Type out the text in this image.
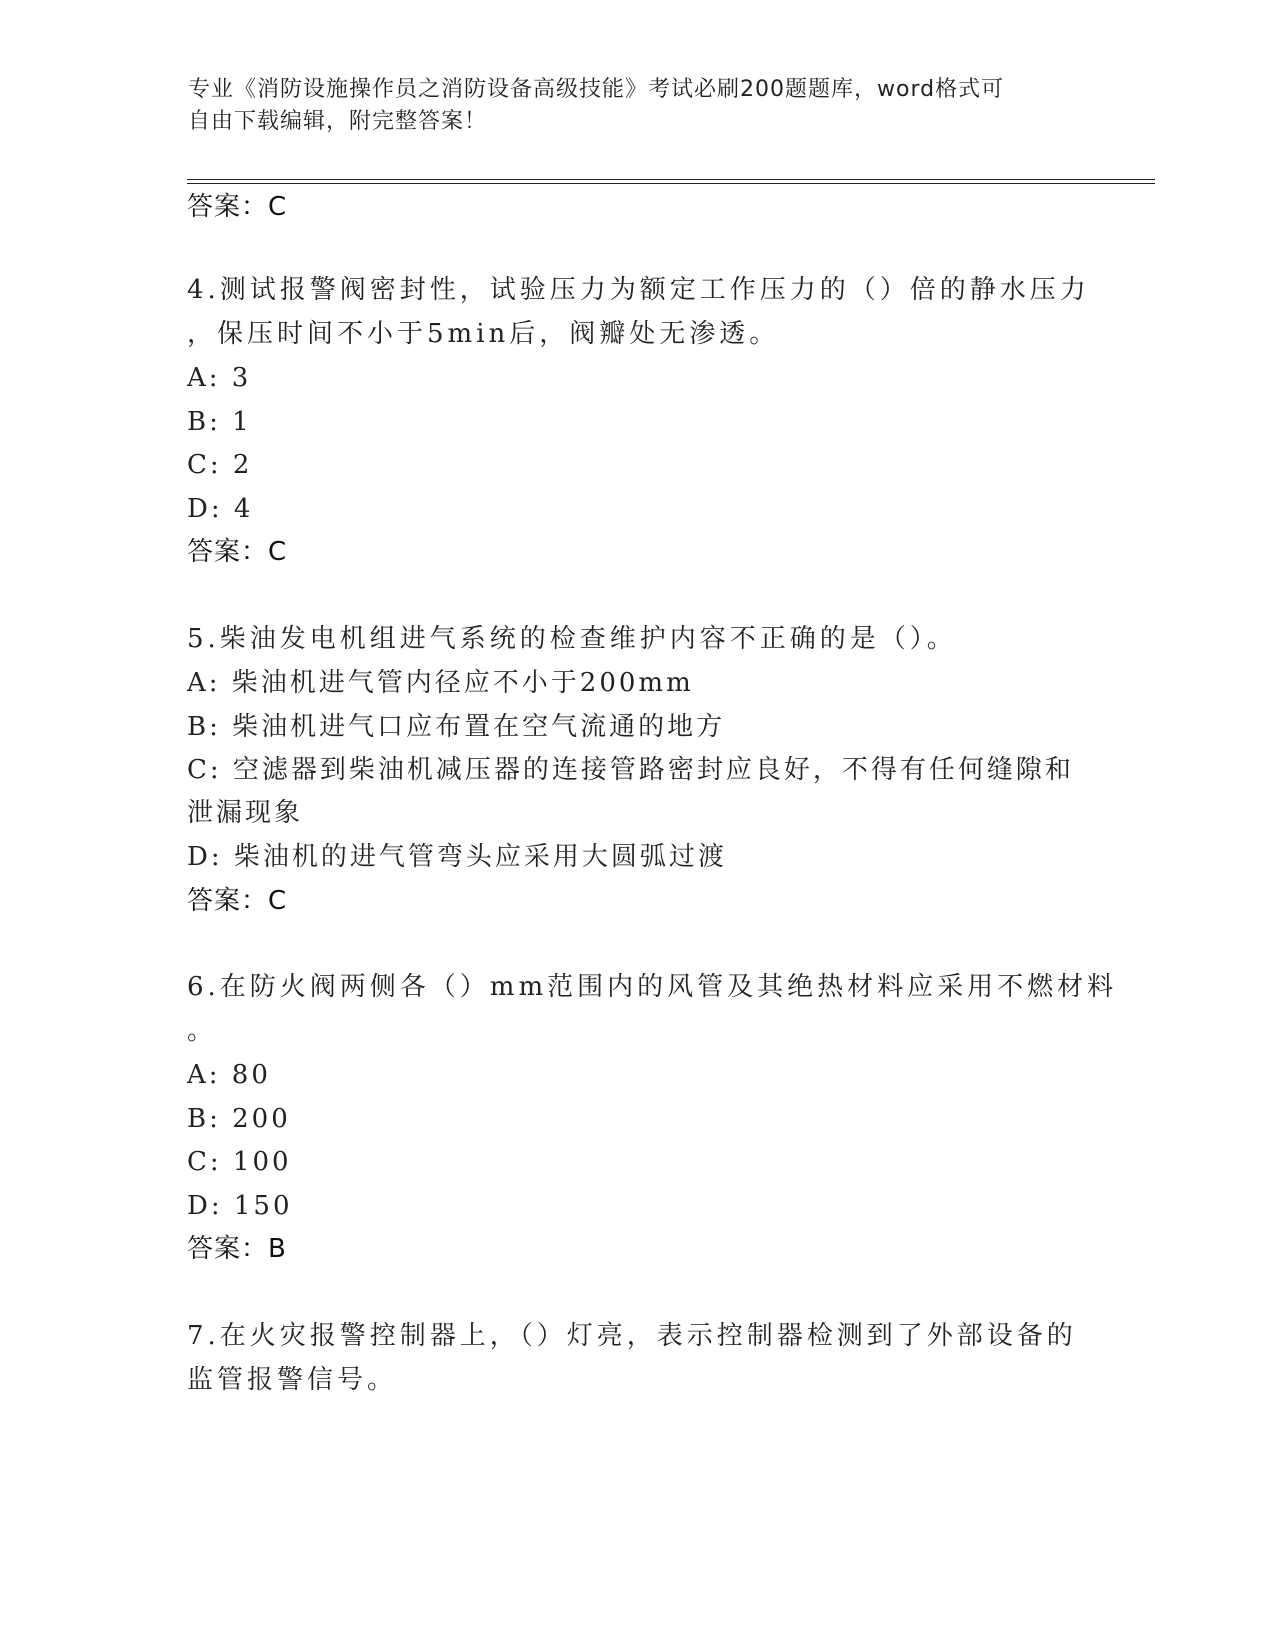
专业《消防设施操作员之消防设备高级技能》考试必刷200题题库，word格式可
自由下载编辑，附完整答案！
答案：C
4.测试报警阀密封性，试验压力为额定工作压力的（）倍的静水压力
，保压时间不小于5min后，阀瓣处无渗透。
A: 3
B: 1
C: 2
D: 4
答案：C
5.柴油发电机组进气系统的检查维护内容不正确的是（）。
A: 柴油机进气管内径应不小于200mm
B: 柴油机进气口应布置在空气流通的地方
C: 空滤器到柴油机减压器的连接管路密封应良好，不得有任何缝隙和
泄漏现象
D: 柴油机的进气管弯头应采用大圆弧过渡
答案：C
6.在防火阀两侧各（）mm范围内的风管及其绝热材料应采用不燃材料
。
A: 80
B: 200
C: 100
D: 150
答案：B
7.在火灾报警控制器上，（）灯亮，表示控制器检测到了外部设备的
监管报警信号。
